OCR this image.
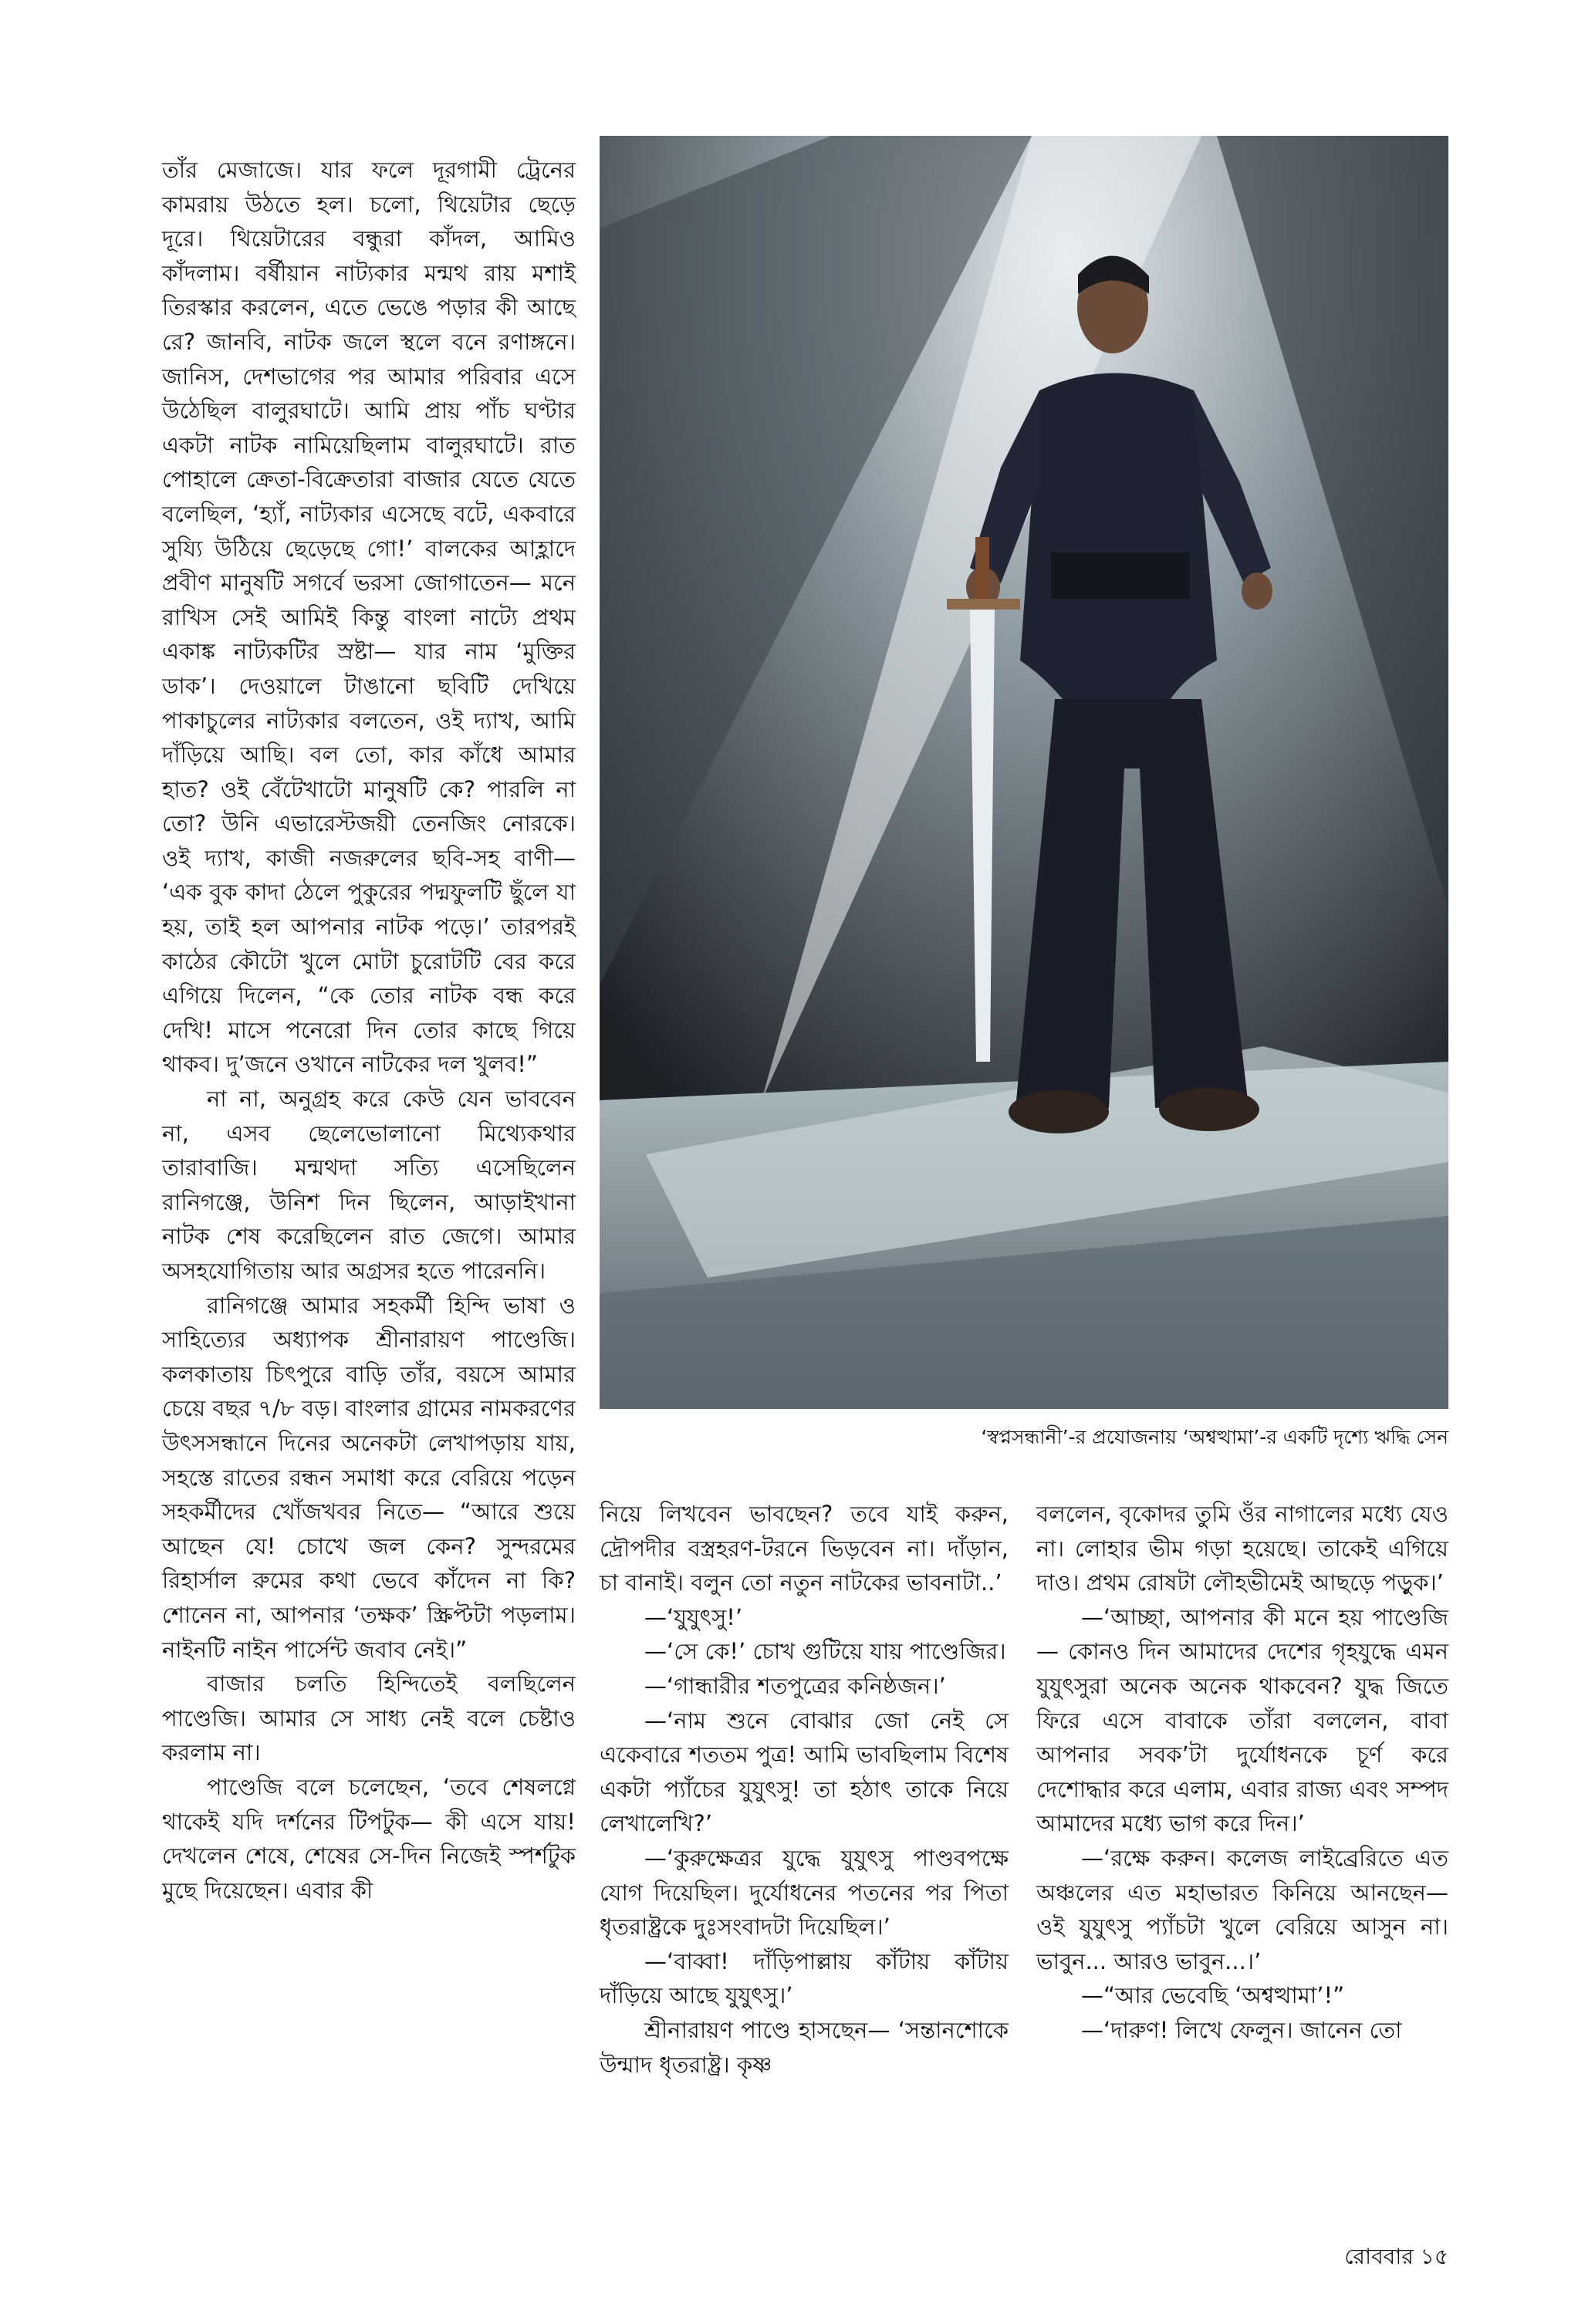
তাঁর মেজাজে। যার ফলে দূরগামী ট্রেনের কামরায় উঠতে হল। চলো, থিয়েটার ছেড়ে দূরে। থিয়েটারের বন্ধুরা কাঁদল, আমিও কাঁদলাম। বর্ষীয়ান নাট্যকার মন্মথ রায় মশাই তিরস্কার করলেন, এতে ভেঙে পড়ার কী আছে রে? জানবি, নাটক জলে স্থলে বনে রণাঙ্গনে। জানিস, দেশভাগের পর আমার পরিবার এসে উঠেছিল বালুরঘাটে। আমি প্রায় পাঁচ ঘণ্টার একটা নাটক নামিয়েছিলাম বালুরঘাটে। রাত পোহালে ক্রেতা-বিক্রেতারা বাজার যেতে যেতে বলেছিল, ‘হ্যাঁ, নাট্যকার এসেছে বটে, একবারে সুয্যি উঠিয়ে ছেড়েছে গো!’ বালকের আহ্লাদে প্রবীণ মানুষটি সগর্বে ভরসা জোগাতেন— মনে রাখিস সেই আমিই কিন্তু বাংলা নাট্যে প্রথম একাঙ্ক নাট্যকটির স্রষ্টা— যার নাম ‘মুক্তির ডাক’। দেওয়ালে টাঙানো ছবিটি দেখিয়ে পাকাচুলের নাট্যকার বলতেন, ওই দ্যাখ, আমি দাঁড়িয়ে আছি। বল তো, কার কাঁধে আমার হাত? ওই বেঁটেখাটো মানুষটি কে? পারলি না তো? উনি এভারেস্টজয়ী তেনজিং নোরকে। ওই দ্যাখ, কাজী নজরুলের ছবি-সহ বাণী— ‘এক বুক কাদা ঠেলে পুকুরের পদ্মফুলটি ছুঁলে যা হয়, তাই হল আপনার নাটক পড়ে।’ তারপরই কাঠের কৌটো খুলে মোটা চুরোটটি বের করে এগিয়ে দিলেন, “কে তোর নাটক বন্ধ করে দেখি! মাসে পনেরো দিন তোর কাছে গিয়ে থাকব। দু’জনে ওখানে নাটকের দল খুলব!”

না না, অনুগ্রহ করে কেউ যেন ভাববেন না, এসব ছেলেভোলানো মিথ্যেকথার তারাবাজি। মন্মথদা সত্যি এসেছিলেন রানিগঞ্জে, উনিশ দিন ছিলেন, আড়াইখানা নাটক শেষ করেছিলেন রাত জেগে। আমার অসহযোগিতায় আর অগ্রসর হতে পারেননি।

রানিগঞ্জে আমার সহকর্মী হিন্দি ভাষা ও সাহিত্যের অধ্যাপক শ্রীনারায়ণ পাণ্ডেজি। কলকাতায় চিৎপুরে বাড়ি তাঁর, বয়সে আমার চেয়ে বছর ৭/৮ বড়। বাংলার গ্রামের নামকরণের উৎসসন্ধানে দিনের অনেকটা লেখাপড়ায় যায়, সহস্তে রাতের রন্ধন সমাধা করে বেরিয়ে পড়েন সহকর্মীদের খোঁজখবর নিতে— “আরে শুয়ে আছেন যে! চোখে জল কেন? সুন্দরমের রিহার্সাল রুমের কথা ভেবে কাঁদেন না কি? শোনেন না, আপনার ‘তক্ষক’ স্ক্রিপ্টটা পড়লাম। নাইনটি নাইন পার্সেন্ট জবাব নেই।”

বাজার চলতি হিন্দিতেই বলছিলেন পাণ্ডেজি। আমার সে সাধ্য নেই বলে চেষ্টাও করলাম না।

পাণ্ডেজি বলে চলেছেন, ‘তবে শেষলগ্নে থাকেই যদি দর্শনের টিপটুক— কী এসে যায়! দেখলেন শেষে, শেষের সে-দিন নিজেই স্পর্শটুক মুছে দিয়েছেন। এবার কী

‘স্বপ্নসন্ধানী’-র প্রযোজনায় ‘অশ্বত্থামা’-র একটি দৃশ্যে ঋদ্ধি সেন

নিয়ে লিখবেন ভাবছেন? তবে যাই করুন, দ্রৌপদীর বস্ত্রহরণ-টরনে ভিড়বেন না। দাঁড়ান, চা বানাই। বলুন তো নতুন নাটকের ভাবনাটা..’

—‘যুযুৎসু!’

—‘সে কে!’ চোখ গুটিয়ে যায় পাণ্ডেজির।

—‘গান্ধারীর শতপুত্রের কনিষ্ঠজন।’

—‘নাম শুনে বোঝার জো নেই সে একেবারে শততম পুত্র! আমি ভাবছিলাম বিশেষ একটা প্যাঁচের যুযুৎসু! তা হঠাৎ তাকে নিয়ে লেখালেখি?’

—‘কুরুক্ষেত্রর যুদ্ধে যুযুৎসু পাণ্ডবপক্ষে যোগ দিয়েছিল। দুর্যোধনের পতনের পর পিতা ধৃতরাষ্ট্রকে দুঃসংবাদটা দিয়েছিল।’

—‘বাব্বা! দাঁড়িপাল্লায় কাঁটায় কাঁটায় দাঁড়িয়ে আছে যুযুৎসু।’

শ্রীনারায়ণ পাণ্ডে হাসছেন— ‘সন্তানশোকে উন্মাদ ধৃতরাষ্ট্র। কৃষ্ণ

বললেন, বৃকোদর তুমি ওঁর নাগালের মধ্যে যেও না। লোহার ভীম গড়া হয়েছে। তাকেই এগিয়ে দাও। প্রথম রোষটা লৌহভীমেই আছড়ে পড়ুক।’

—‘আচ্ছা, আপনার কী মনে হয় পাণ্ডেজি— কোনও দিন আমাদের দেশের গৃহযুদ্ধে এমন যুযুৎসুরা অনেক অনেক থাকবেন? যুদ্ধ জিতে ফিরে এসে বাবাকে তাঁরা বললেন, বাবা আপনার সবক’টা দুর্যোধনকে চূর্ণ করে দেশোদ্ধার করে এলাম, এবার রাজ্য এবং সম্পদ আমাদের মধ্যে ভাগ করে দিন।’

—‘রক্ষে করুন। কলেজ লাইব্রেরিতে এত অঞ্চলের এত মহাভারত কিনিয়ে আনছেন— ওই যুযুৎসু প্যাঁচটা খুলে বেরিয়ে আসুন না। ভাবুন... আরও ভাবুন...।’

—“আর ভেবেছি ‘অশ্বত্থামা’!”

—‘দারুণ! লিখে ফেলুন। জানেন তো

রোববার ১৫
